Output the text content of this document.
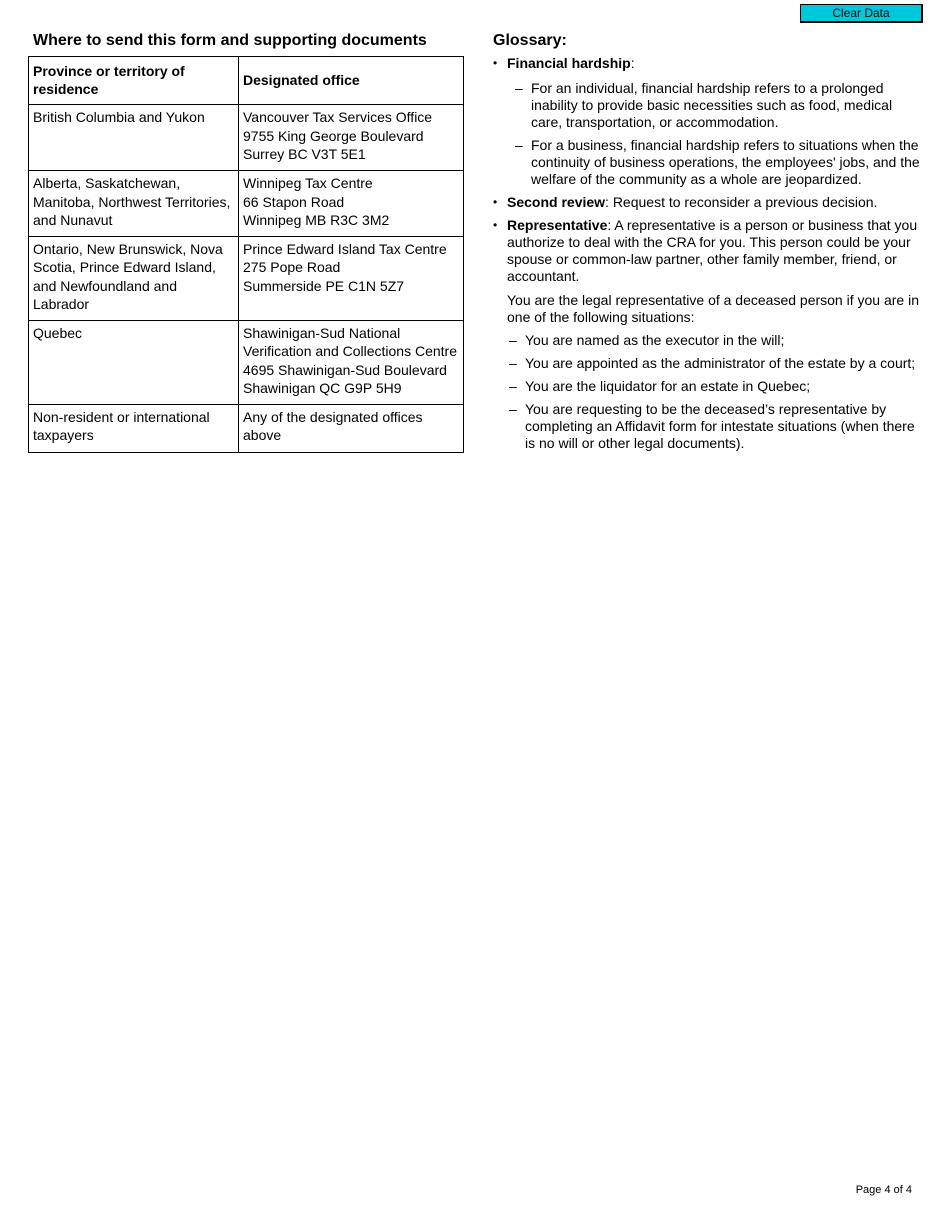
Clear Data
Where to send this form and supporting documents
Province or territory of residence	Designated office
British Columbia and Yukon	Vancouver Tax Services Office
9755 King George Boulevard
Surrey BC V3T 5E1

Alberta, Saskatchewan, Manitoba, Northwest Territories, and Nunavut	Winnipeg Tax Centre
66 Stapon Road
Winnipeg MB R3C 3M2

Ontario, New Brunswick, Nova Scotia, Prince Edward Island, and Newfoundland and Labrador	Prince Edward Island Tax Centre
275 Pope Road
Summerside PE C1N 5Z7

Quebec	Shawinigan-Sud National
Verification and Collections Centre
4695 Shawinigan-Sud Boulevard
Shawinigan QC G9P 5H9

Non-resident or international taxpayers	Any of the designated offices above
Glossary:
• Financial hardship:
– For an individual, financial hardship refers to a prolonged inability to provide basic necessities such as food, medical care, transportation, or accommodation.
– For a business, financial hardship refers to situations when the continuity of business operations, the employees' jobs, and the welfare of the community as a whole are jeopardized.
• Second review: Request to reconsider a previous decision.
• Representative: A representative is a person or business that you authorize to deal with the CRA for you. This person could be your spouse or common-law partner, other family member, friend, or accountant.
You are the legal representative of a deceased person if you are in one of the following situations:
– You are named as the executor in the will;
– You are appointed as the administrator of the estate by a court;
– You are the liquidator for an estate in Quebec;
– You are requesting to be the deceased’s representative by completing an Affidavit form for intestate situations (when there is no will or other legal documents).
Page 4 of 4
